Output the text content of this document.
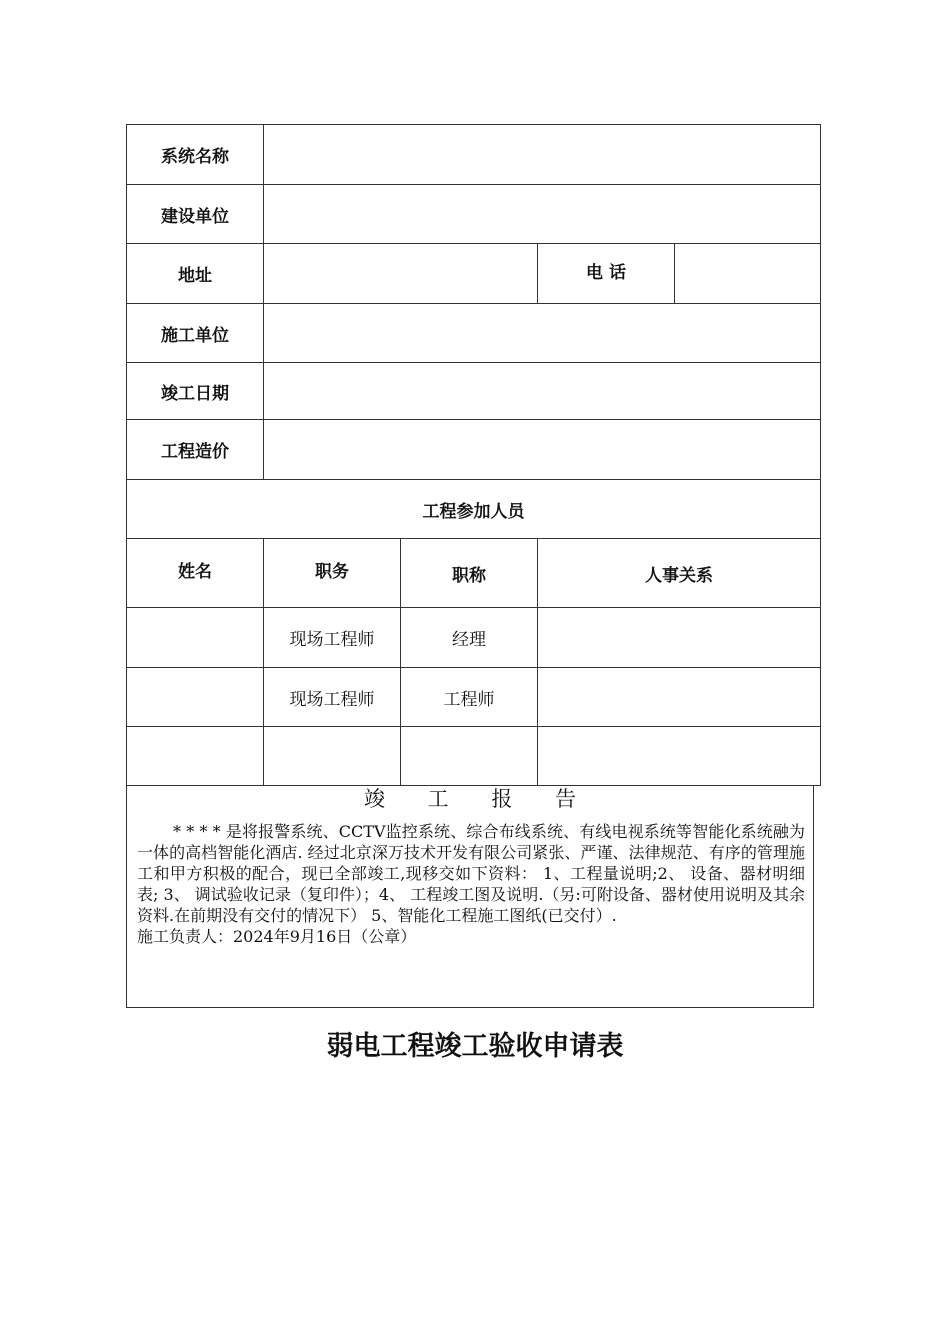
系统名称				
建设单位				
地址			电 话	
施工单位				
竣工日期				
工程造价				
工程参加人员				
姓名	职务	职称	人事关系	
	现场工程师	经理		
	现场工程师	工程师		

竣 工 报 告

* * * * 是将报警系统、CCTV监控系统、综合布线系统、有线电视系统等智能化系统融为一体的高档智能化酒店. 经过北京深万技术开发有限公司紧张、严谨、法律规范、有序的管理施工和甲方积极的配合，现已全部竣工,现移交如下资料： 1、工程量说明;2、 设备、器材明细表; 3、 调试验收记录（复印件）；4、 工程竣工图及说明.（另:可附设备、器材使用说明及其余资料.在前期没有交付的情况下） 5、智能化工程施工图纸(已交付）.

施工负责人：2024年9月16日（公章）

弱电工程竣工验收申请表
